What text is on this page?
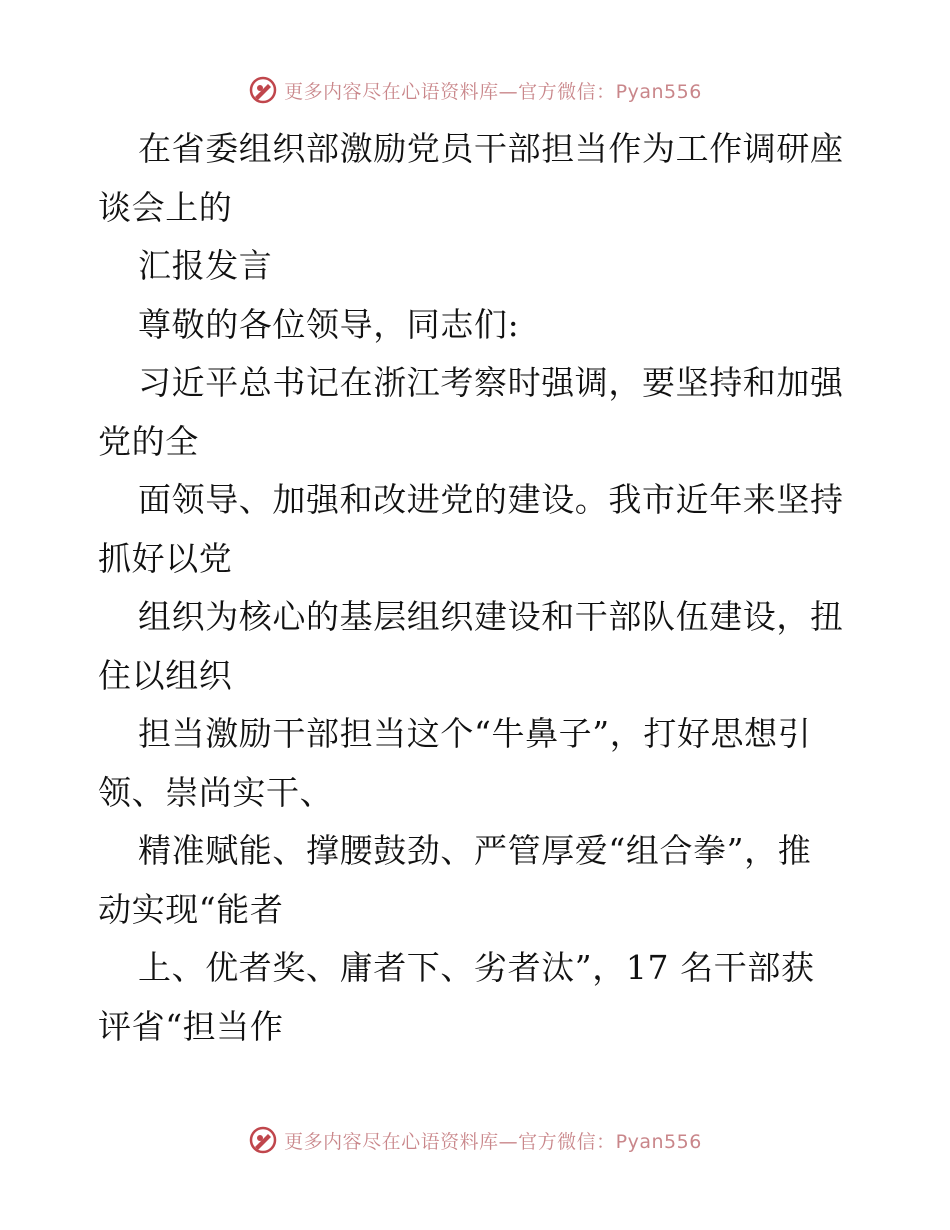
更多内容尽在心语资料库—官方微信：Pyan556
在省委组织部激励党员干部担当作为工作调研座
谈会上的
汇报发言
尊敬的各位领导，同志们:
习近平总书记在浙江考察时强调，要坚持和加强
党的全
面领导、加强和改进党的建设。我市近年来坚持
抓好以党
组织为核心的基层组织建设和干部队伍建设，扭
住以组织
担当激励干部担当这个“牛鼻子”，打好思想引
领、崇尚实干、
精准赋能、撑腰鼓劲、严管厚爱“组合拳”，推
动实现“能者
上、优者奖、庸者下、劣者汰”，17 名干部获
评省“担当作
更多内容尽在心语资料库—官方微信：Pyan556
